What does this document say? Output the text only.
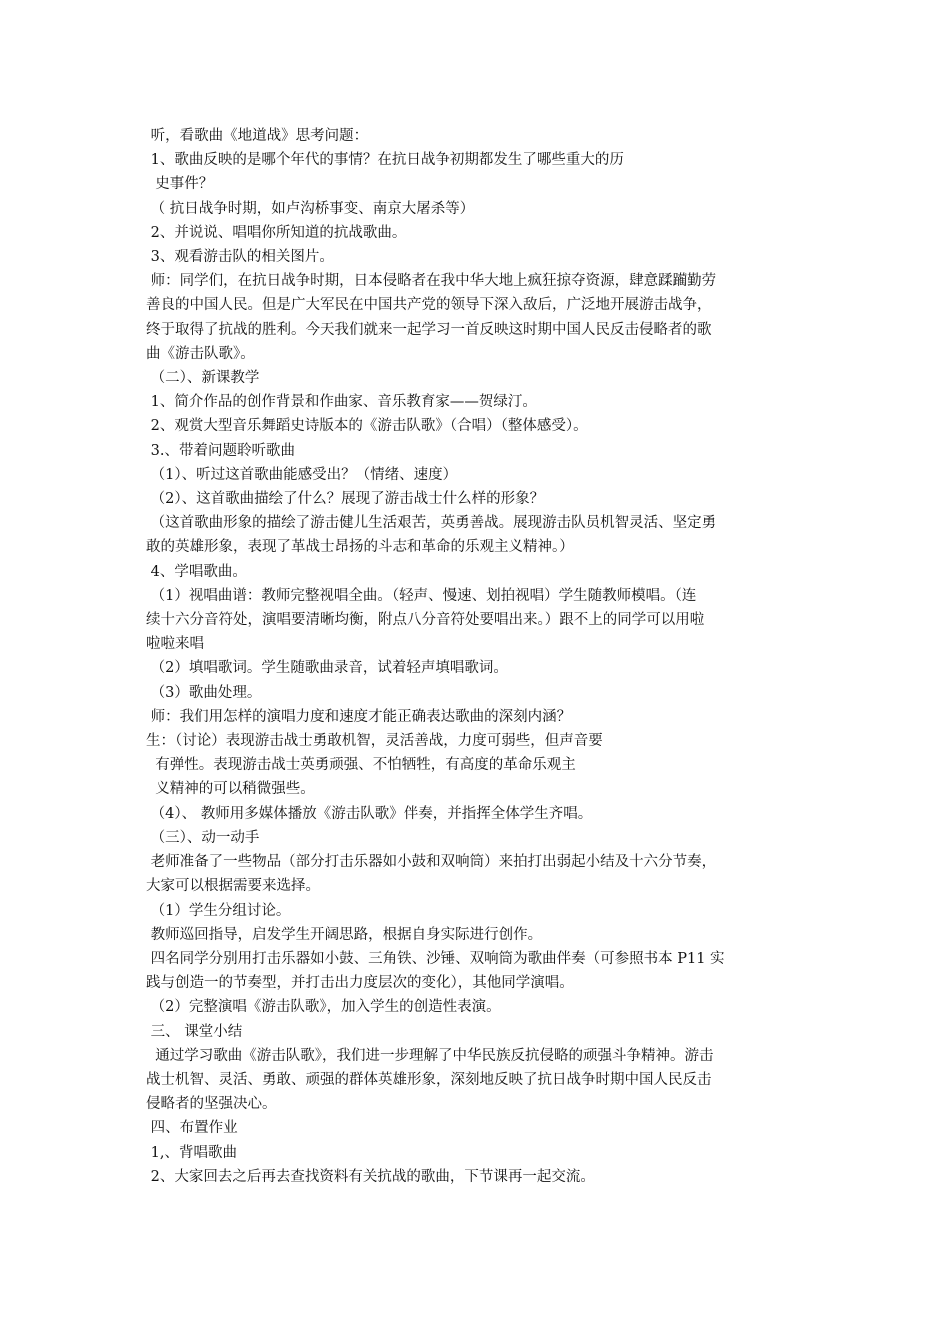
听，看歌曲《地道战》思考问题：
1、歌曲反映的是哪个年代的事情？在抗日战争初期都发生了哪些重大的历
史事件？
（ 抗日战争时期，如卢沟桥事变、南京大屠杀等）
2、并说说、唱唱你所知道的抗战歌曲。
3、观看游击队的相关图片。
师：同学们，在抗日战争时期，日本侵略者在我中华大地上疯狂掠夺资源，肆意蹂躏勤劳
善良的中国人民。但是广大军民在中国共产党的领导下深入敌后，广泛地开展游击战争，
终于取得了抗战的胜利。今天我们就来一起学习一首反映这时期中国人民反击侵略者的歌
曲《游击队歌》。
（二）、新课教学
1、简介作品的创作背景和作曲家、音乐教育家——贺绿汀。
2、观赏大型音乐舞蹈史诗版本的《游击队歌》（合唱）（整体感受）。
3.、带着问题聆听歌曲
（1）、听过这首歌曲能感受出？（情绪、速度）
（2）、这首歌曲描绘了什么？展现了游击战士什么样的形象？
（这首歌曲形象的描绘了游击健儿生活艰苦，英勇善战。展现游击队员机智灵活、坚定勇
敢的英雄形象，表现了革战士昂扬的斗志和革命的乐观主义精神。）
4、学唱歌曲。
（1）视唱曲谱：教师完整视唱全曲。（轻声、慢速、划拍视唱）学生随教师模唱。（连
续十六分音符处，演唱要清晰均衡，附点八分音符处要唱出来。）跟不上的同学可以用啦
啦啦来唱
（2）填唱歌词。学生随歌曲录音，试着轻声填唱歌词。
（3）歌曲处理。
师：我们用怎样的演唱力度和速度才能正确表达歌曲的深刻内涵？
生：（讨论）表现游击战士勇敢机智，灵活善战，力度可弱些，但声音要
有弹性。表现游击战士英勇顽强、不怕牺牲，有高度的革命乐观主
义精神的可以稍微强些。
（4）、 教师用多媒体播放《游击队歌》伴奏，并指挥全体学生齐唱。
（三）、动一动手
老师准备了一些物品（部分打击乐器如小鼓和双响筒）来拍打出弱起小结及十六分节奏，
大家可以根据需要来选择。
（1）学生分组讨论。
教师巡回指导，启发学生开阔思路，根据自身实际进行创作。
四名同学分别用打击乐器如小鼓、三角铁、沙锤、双响筒为歌曲伴奏（可参照书本 P11 实
践与创造一的节奏型，并打击出力度层次的变化），其他同学演唱。
（2）完整演唱《游击队歌》，加入学生的创造性表演。
三、 课堂小结
通过学习歌曲《游击队歌》，我们进一步理解了中华民族反抗侵略的顽强斗争精神。游击
战士机智、灵活、勇敢、顽强的群体英雄形象，深刻地反映了抗日战争时期中国人民反击
侵略者的坚强决心。
四、布置作业
1,、背唱歌曲
2、大家回去之后再去查找资料有关抗战的歌曲，下节课再一起交流。
